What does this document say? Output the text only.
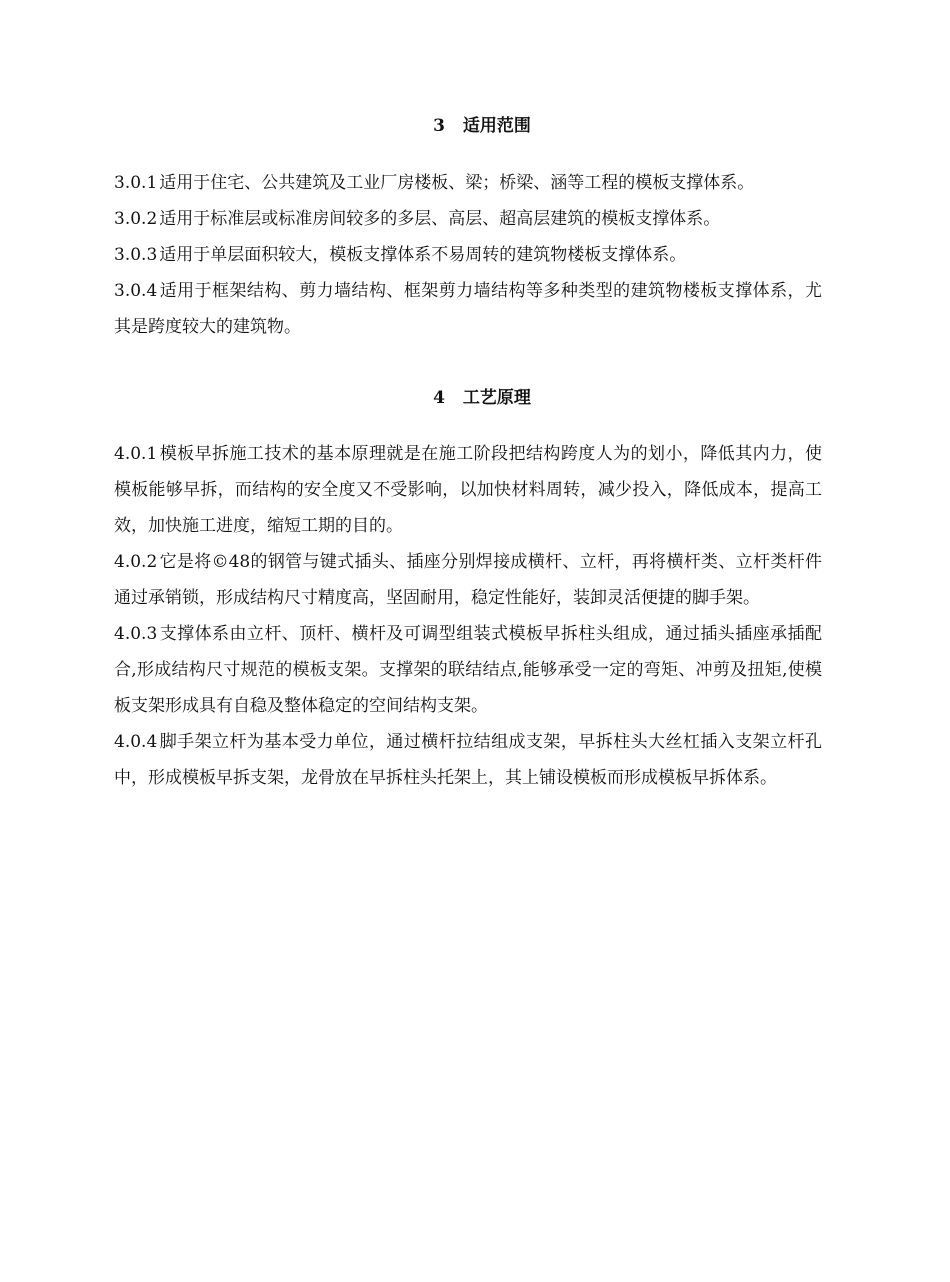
3 适用范围

3.0.1 适用于住宅、公共建筑及工业厂房楼板、梁；桥梁、涵等工程的模板支撑体系。

3.0.2 适用于标准层或标准房间较多的多层、高层、超高层建筑的模板支撑体系。

3.0.3 适用于单层面积较大，模板支撑体系不易周转的建筑物楼板支撑体系。

3.0.4 适用于框架结构、剪力墙结构、框架剪力墙结构等多种类型的建筑物楼板支撑体系，尤其是跨度较大的建筑物。

4 工艺原理

4.0.1 模板早拆施工技术的基本原理就是在施工阶段把结构跨度人为的划小，降低其内力，使模板能够早拆，而结构的安全度又不受影响，以加快材料周转，减少投入，降低成本，提高工效，加快施工进度，缩短工期的目的。

4.0.2 它是将©48的钢管与键式插头、插座分别焊接成横杆、立杆，再将横杆类、立杆类杆件通过承销锁，形成结构尺寸精度高，坚固耐用，稳定性能好，装卸灵活便捷的脚手架。

4.0.3 支撑体系由立杆、顶杆、横杆及可调型组装式模板早拆柱头组成，通过插头插座承插配合,形成结构尺寸规范的模板支架。支撑架的联结结点,能够承受一定的弯矩、冲剪及扭矩,使模板支架形成具有自稳及整体稳定的空间结构支架。

4.0.4 脚手架立杆为基本受力单位，通过横杆拉结组成支架，早拆柱头大丝杠插入支架立杆孔中，形成模板早拆支架，龙骨放在早拆柱头托架上，其上铺设模板而形成模板早拆体系。
